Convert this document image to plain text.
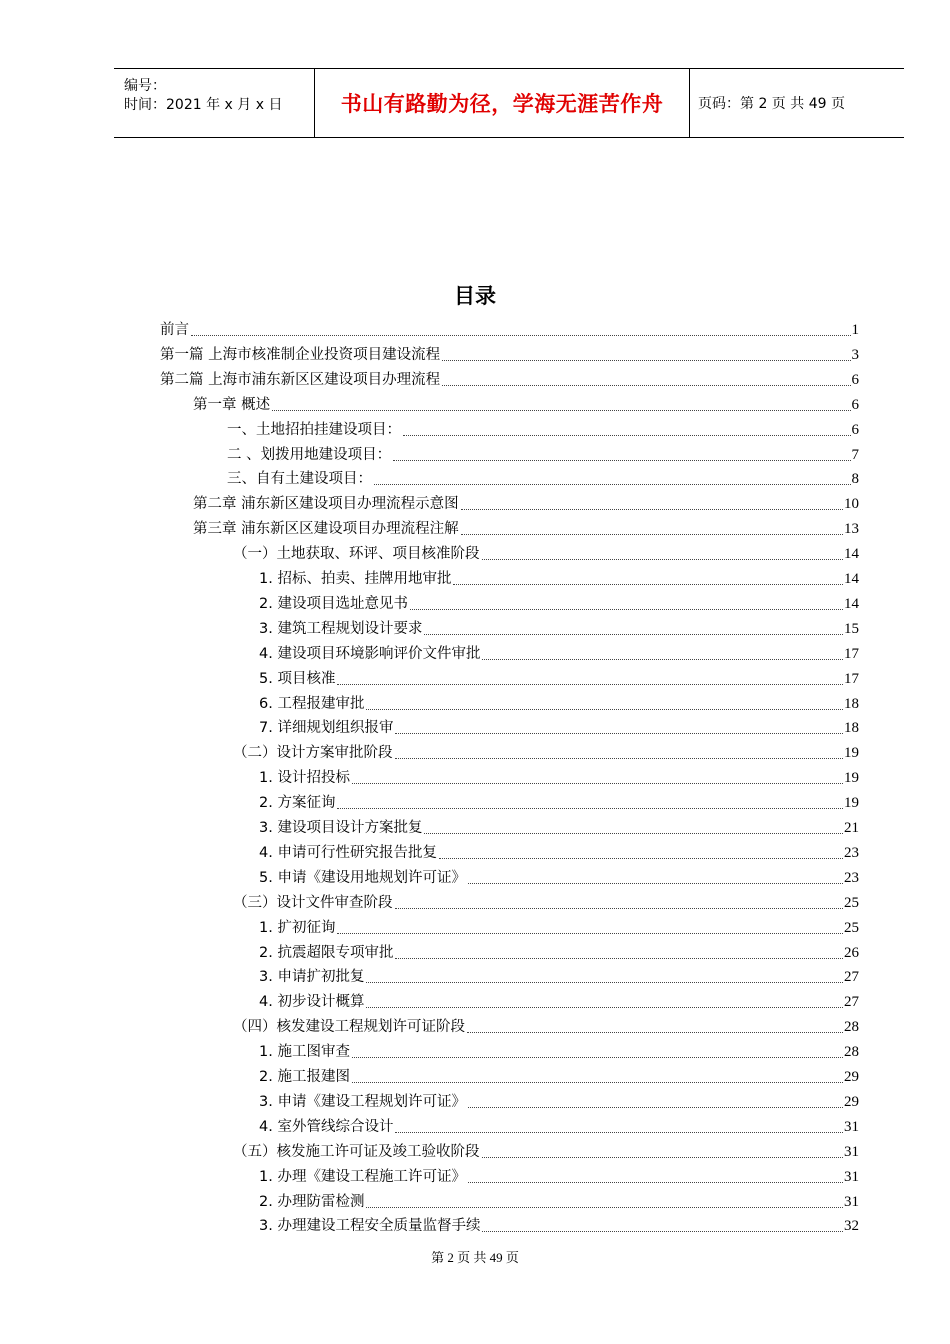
编号：
时间：2021 年 x 月 x 日	书山有路勤为径，学海无涯苦作舟	页码：第 2 页 共 49 页
目录
前言	1
第一篇 上海市核准制企业投资项目建设流程	3
第二篇 上海市浦东新区区建设项目办理流程	6
第一章 概述	6
一、土地招拍挂建设项目：	6
二 、划拨用地建设项目：	7
三、自有土建设项目：	8
第二章 浦东新区建设项目办理流程示意图	10
第三章 浦东新区区建设项目办理流程注解	13
（一）土地获取、环评、项目核准阶段	14
1. 招标、拍卖、挂牌用地审批	14
2. 建设项目选址意见书	14
3. 建筑工程规划设计要求	15
4. 建设项目环境影响评价文件审批	17
5. 项目核准	17
6. 工程报建审批	18
7. 详细规划组织报审	18
（二）设计方案审批阶段	19
1. 设计招投标	19
2. 方案征询	19
3. 建设项目设计方案批复	21
4. 申请可行性研究报告批复	23
5. 申请《建设用地规划许可证》	23
（三）设计文件审查阶段	25
1. 扩初征询	25
2. 抗震超限专项审批	26
3. 申请扩初批复	27
4. 初步设计概算	27
（四）核发建设工程规划许可证阶段	28
1. 施工图审查	28
2. 施工报建图	29
3. 申请《建设工程规划许可证》	29
4. 室外管线综合设计	31
（五）核发施工许可证及竣工验收阶段	31
1. 办理《建设工程施工许可证》	31
2. 办理防雷检测	31
3. 办理建设工程安全质量监督手续	32
第 2 页 共 49 页
